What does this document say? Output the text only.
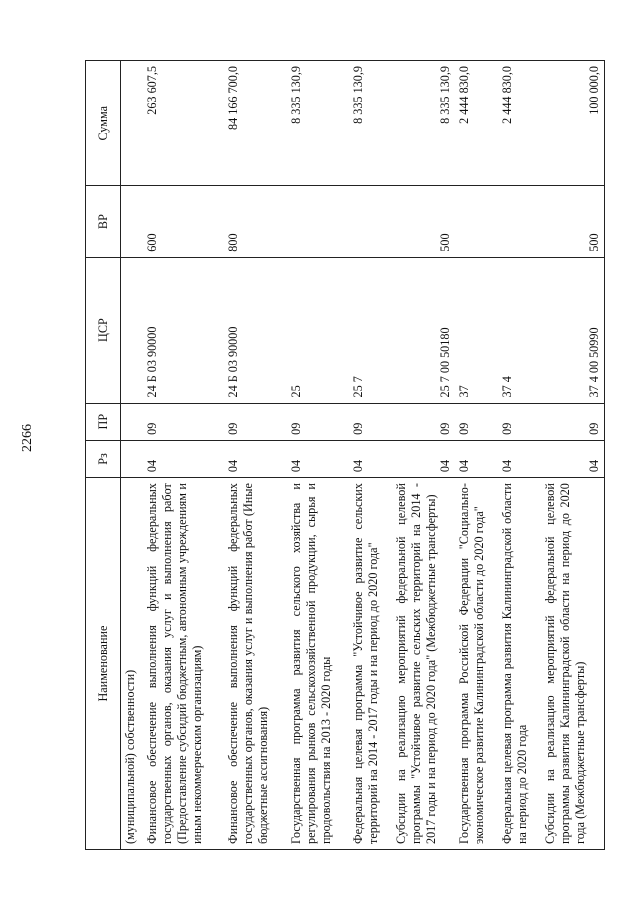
2266
Наименование	Рз	ПР	ЦСР	ВР	Сумма
(муниципальной) собственности)					
Финансовое обеспечение выполнения функций федеральных государственных органов, оказания услуг и выполнения работ (Предоставление субсидий бюджетным, автономным учреждениям и иным некоммерческим организациям)	04	09	24 Б 03 90000	600	263 607,5
Финансовое обеспечение выполнения функций федеральных государственных органов, оказания услуг и выполнения работ (Иные бюджетные ассигнования)	04	09	24 Б 03 90000	800	84 166 700,0
Государственная программа развития сельского хозяйства и регулирования рынков сельскохозяйственной продукции, сырья и продовольствия на 2013 - 2020 годы	04	09	25		8 335 130,9
Федеральная целевая программа "Устойчивое развитие сельских территорий на 2014 - 2017 годы и на период до 2020 года"	04	09	25 7		8 335 130,9
Субсидии на реализацию мероприятий федеральной целевой программы "Устойчивое развитие сельских территорий на 2014 - 2017 годы и на период до 2020 года" (Межбюджетные трансферты)	04	09	25 7 00 50180	500	8 335 130,9
Государственная программа Российской Федерации "Социально-экономическое развитие Калининградской области до 2020 года"	04	09	37		2 444 830,0
Федеральная целевая программа развития Калининградской области на период до 2020 года	04	09	37 4		2 444 830,0
Субсидии на реализацию мероприятий федеральной целевой программы развития Калининградской области на период до 2020 года (Межбюджетные трансферты)	04	09	37 4 00 50990	500	100 000,0
